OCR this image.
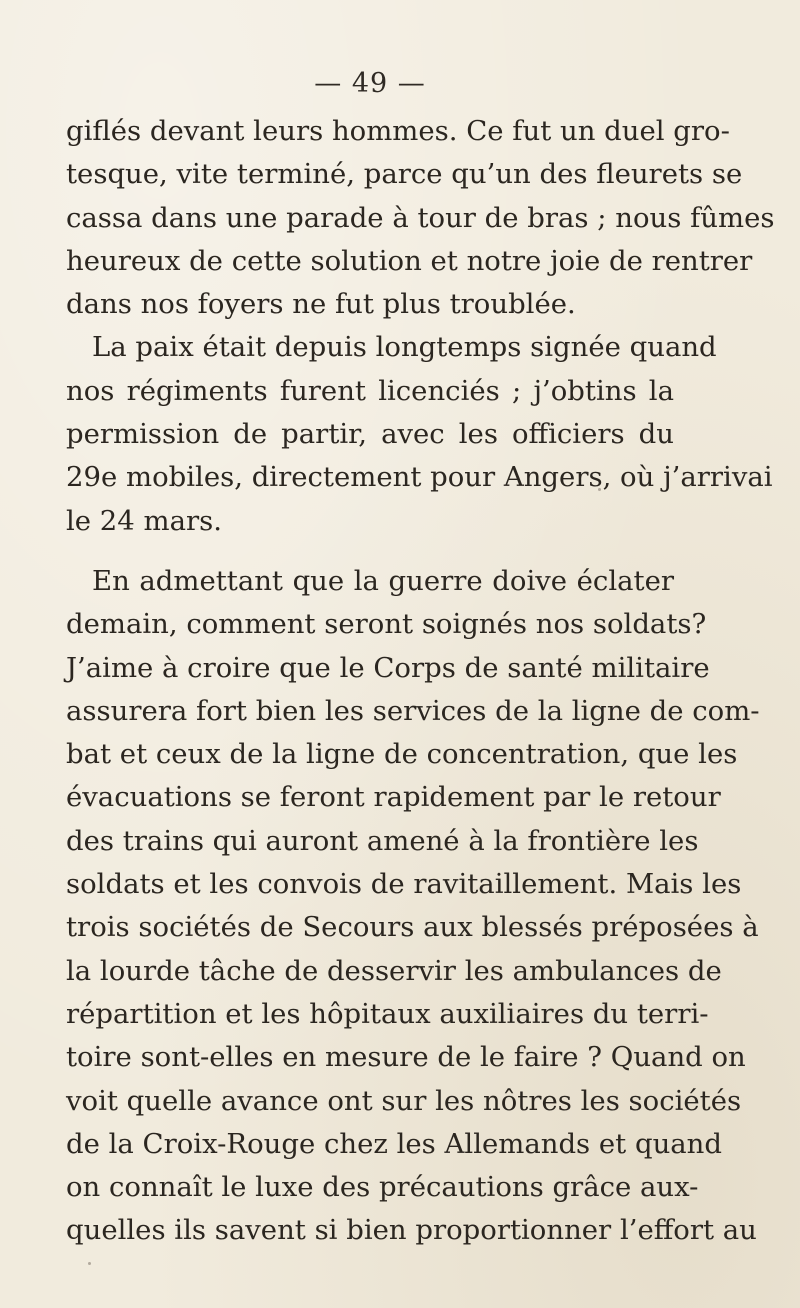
— 49 —
giflés devant leurs hommes. Ce fut un duel gro-
tesque, vite terminé, parce qu’un des fleurets se
cassa dans une parade à tour de bras ; nous fûmes
heureux de cette solution et notre joie de rentrer
dans nos foyers ne fut plus troublée.
La paix était depuis longtemps signée quand
nos régiments furent licenciés ; j’obtins la
permission de partir, avec les officiers du
29e mobiles, directement pour Angers, où j’arrivai
le 24 mars.
En admettant que la guerre doive éclater
demain, comment seront soignés nos soldats?
J’aime à croire que le Corps de santé militaire
assurera fort bien les services de la ligne de com-
bat et ceux de la ligne de concentration, que les
évacuations se feront rapidement par le retour
des trains qui auront amené à la frontière les
soldats et les convois de ravitaillement. Mais les
trois sociétés de Secours aux blessés préposées à
la lourde tâche de desservir les ambulances de
répartition et les hôpitaux auxiliaires du terri-
toire sont-elles en mesure de le faire ? Quand on
voit quelle avance ont sur les nôtres les sociétés
de la Croix-Rouge chez les Allemands et quand
on connaît le luxe des précautions grâce aux-
quelles ils savent si bien proportionner l’effort au
